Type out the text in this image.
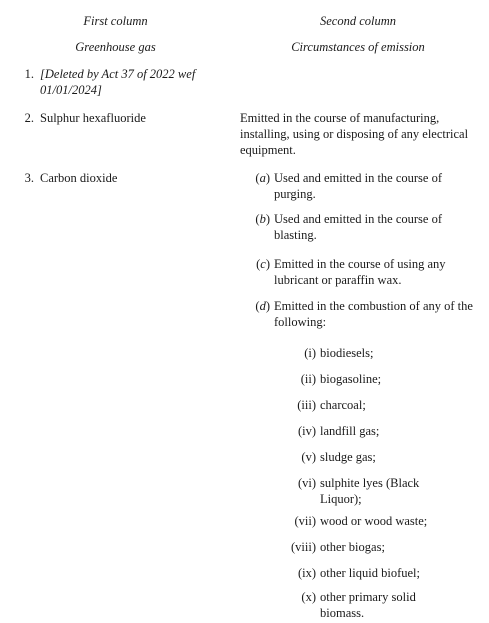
First column	Second column
Greenhouse gas	Circumstances of emission
1. [Deleted by Act 37 of 2022 wef 01/01/2024]
2. Sulphur hexafluoride	Emitted in the course of manufacturing, installing, using or disposing of any electrical equipment.
3. Carbon dioxide	(a) Used and emitted in the course of purging.
(b) Used and emitted in the course of blasting.
(c) Emitted in the course of using any lubricant or paraffin wax.
(d) Emitted in the combustion of any of the following:
(i) biodiesels;
(ii) biogasoline;
(iii) charcoal;
(iv) landfill gas;
(v) sludge gas;
(vi) sulphite lyes (Black Liquor);
(vii) wood or wood waste;
(viii) other biogas;
(ix) other liquid biofuel;
(x) other primary solid biomass.
